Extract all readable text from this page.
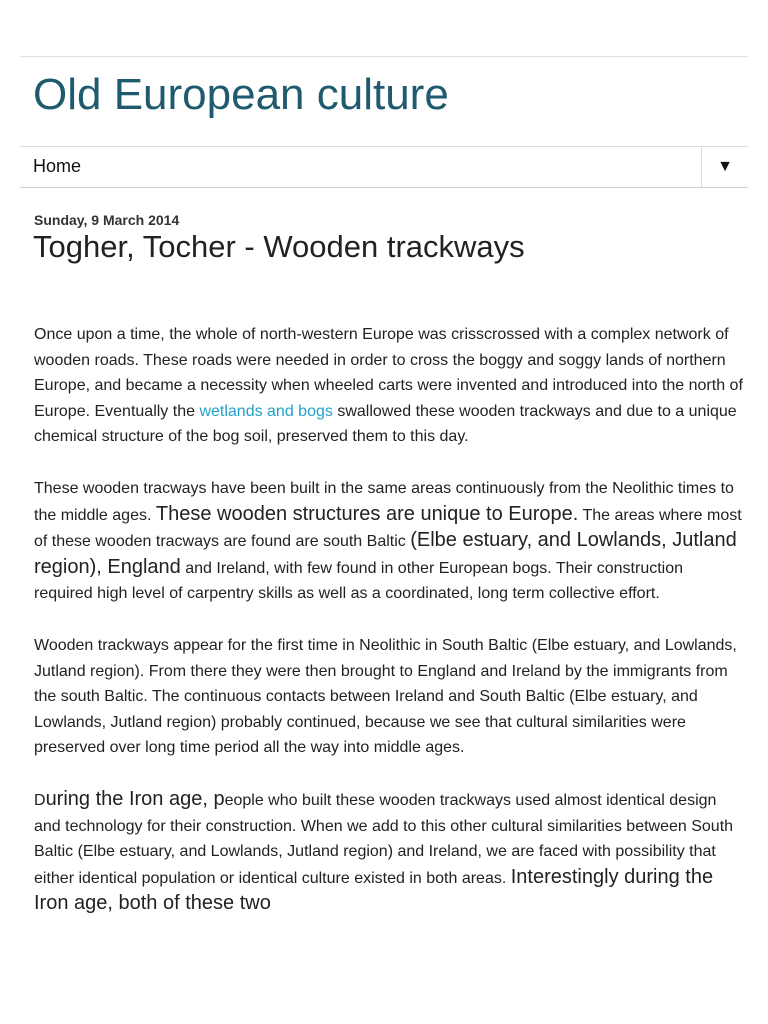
Old European culture
Home	▼
Sunday, 9 March 2014
Togher, Tocher - Wooden trackways

Once upon a time, the whole of north-western Europe was crisscrossed with a complex network of wooden roads. These roads were needed in order to cross the boggy and soggy lands of northern Europe, and became a necessity when wheeled carts were invented and introduced into the north of Europe. Eventually the wetlands and bogs swallowed these wooden trackways and due to a unique chemical structure of the bog soil, preserved them to this day.

These wooden tracways have been built in the same areas continuously from the Neolithic times to the middle ages. These wooden structures are unique to Europe. The areas where most of these wooden tracways are found are south Baltic (Elbe estuary, and Lowlands, Jutland region), England and Ireland, with few found in other European bogs. Their construction required high level of carpentry skills as well as a coordinated, long term collective effort.

Wooden trackways appear for the first time in Neolithic in South Baltic (Elbe estuary, and Lowlands, Jutland region). From there they were then brought to England and Ireland by the immigrants from the south Baltic. The continuous contacts between Ireland and South Baltic (Elbe estuary, and Lowlands, Jutland region) probably continued, because we see that cultural similarities were preserved over long time period all the way into middle ages.

During the Iron age, people who built these wooden trackways used almost identical design and technology for their construction. When we add to this other cultural similarities between South Baltic (Elbe estuary, and Lowlands, Jutland region) and Ireland, we are faced with possibility that either identical population or identical culture existed in both areas. Interestingly during the Iron age, both of these two
